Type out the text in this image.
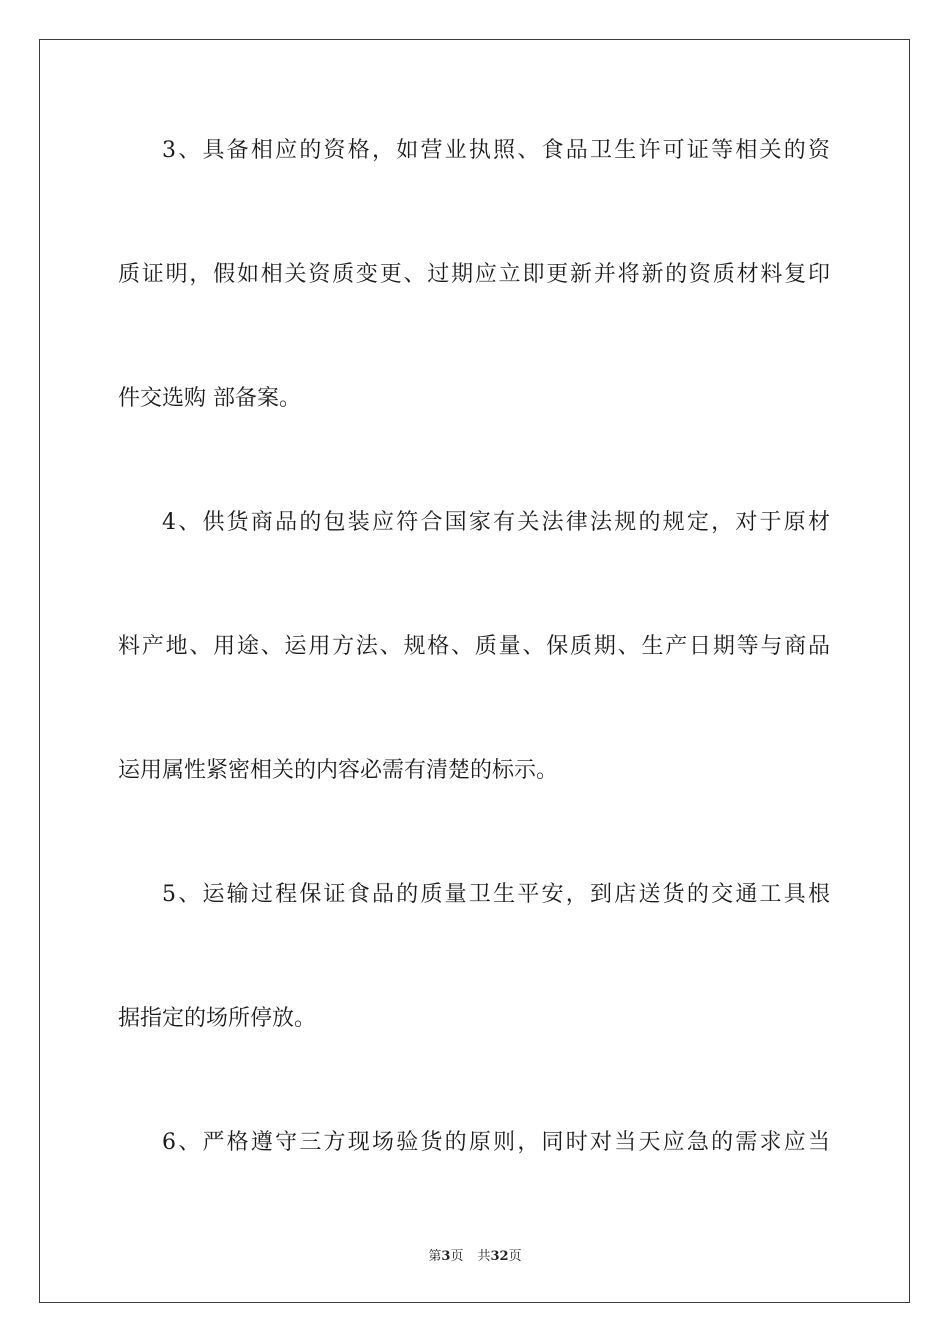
3、具备相应的资格，如营业执照、食品卫生许可证等相关的资
质证明，假如相关资质变更、过期应立即更新并将新的资质材料复印
件交选购 部备案。
4、供货商品的包装应符合国家有关法律法规的规定，对于原材
料产地、用途、运用方法、规格、质量、保质期、生产日期等与商品
运用属性紧密相关的内容必需有清楚的标示。
5、运输过程保证食品的质量卫生平安，到店送货的交通工具根
据指定的场所停放。
6、严格遵守三方现场验货的原则，同时对当天应急的需求应当
第3页 共32页
